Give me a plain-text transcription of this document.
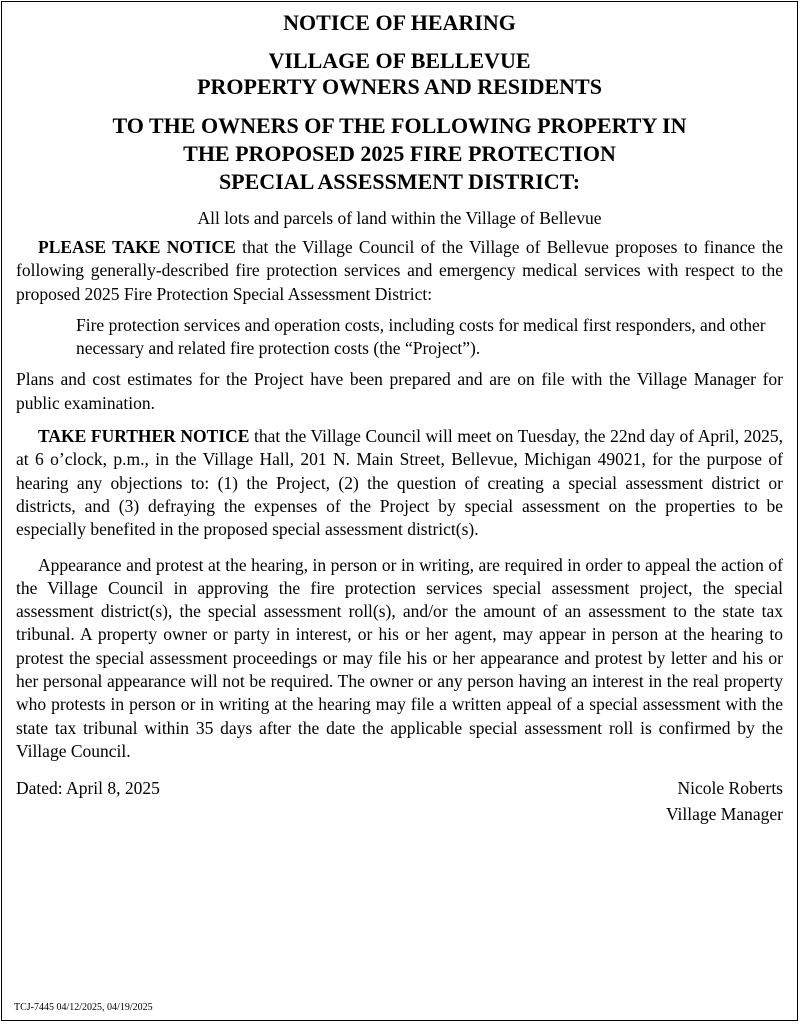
NOTICE OF HEARING
VILLAGE OF BELLEVUE
PROPERTY OWNERS AND RESIDENTS
TO THE OWNERS OF THE FOLLOWING PROPERTY IN
THE PROPOSED 2025 FIRE PROTECTION
SPECIAL ASSESSMENT DISTRICT:
All lots and parcels of land within the Village of Bellevue

PLEASE TAKE NOTICE that the Village Council of the Village of Bellevue proposes to finance the following generally-described fire protection services and emergency medical services with respect to the proposed 2025 Fire Protection Special Assessment District:

Fire protection services and operation costs, including costs for medical first responders, and other necessary and related fire protection costs (the “Project”).

Plans and cost estimates for the Project have been prepared and are on file with the Village Manager for public examination.

TAKE FURTHER NOTICE that the Village Council will meet on Tuesday, the 22nd day of April, 2025, at 6 o’clock, p.m., in the Village Hall, 201 N. Main Street, Bellevue, Michigan 49021, for the purpose of hearing any objections to: (1) the Project, (2) the question of creating a special assessment district or districts, and (3) defraying the expenses of the Project by special assessment on the properties to be especially benefited in the proposed special assessment district(s).

Appearance and protest at the hearing, in person or in writing, are required in order to appeal the action of the Village Council in approving the fire protection services special assessment project, the special assessment district(s), the special assessment roll(s), and/or the amount of an assessment to the state tax tribunal. A property owner or party in interest, or his or her agent, may appear in person at the hearing to protest the special assessment proceedings or may file his or her appearance and protest by letter and his or her personal appearance will not be required. The owner or any person having an interest in the real property who protests in person or in writing at the hearing may file a written appeal of a special assessment with the state tax tribunal within 35 days after the date the applicable special assessment roll is confirmed by the Village Council.

Dated: April 8, 2025	Nicole Roberts
Village Manager
TCJ-7445 04/12/2025, 04/19/2025
